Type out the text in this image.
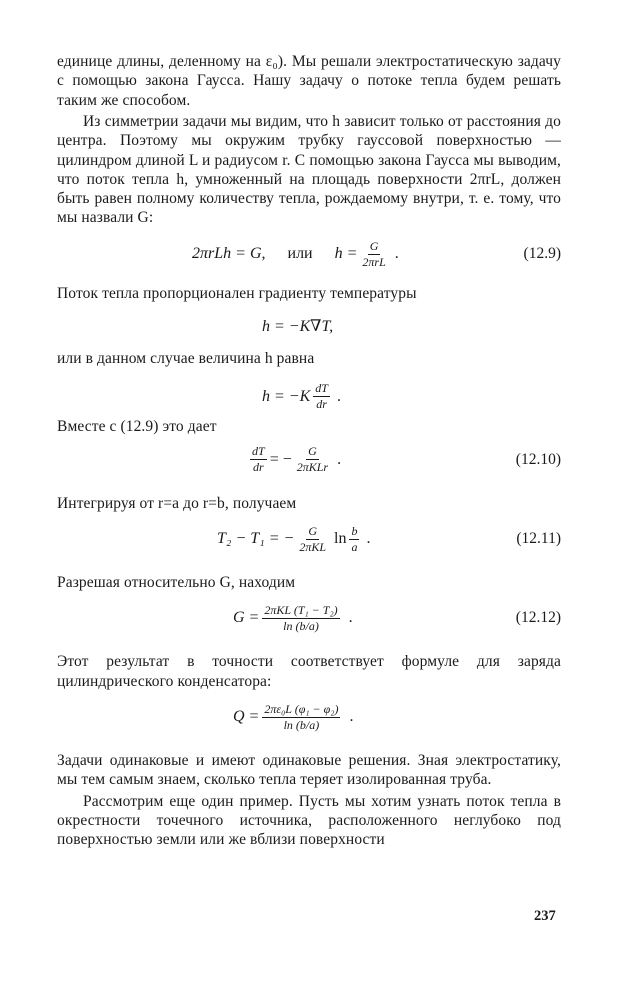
единице длины, деленному на ε₀). Мы решали электростатическую задачу с помощью закона Гаусса. Нашу задачу о потоке тепла будем решать таким же способом.

Из симметрии задачи мы видим, что h зависит только от расстояния до центра. Поэтому мы окружим трубку гауссовой поверхностью — цилиндром длиной L и радиусом r. С помощью закона Гаусса мы выводим, что поток тепла h, умноженный на площадь поверхности 2πrL, должен быть равен полному количеству тепла, рождаемому внутри, т. е. тому, что мы назвали G:

2πrLh = G, или $h = \frac{G}{\text{2πrL}}$ .	(12.9)

Поток тепла пропорционален градиенту температуры

h = −K∇T,

или в данном случае величина h равна

$h = -K \frac{dT}{dr}$ .

Вместе с (12.9) это дает

$\frac{dT}{dr}$ = − $\frac{G}{\text{2πKLr}}$ .	(12.10)

Интегрируя от r=a до r=b, получаем

T₂ − T₁ = − $\frac{G}{\text{2πKL}}$ $\ln \frac{b}{a}$ .	(12.11)

Разрешая относительно G, находим

$G = \frac{\text{2πKL (T₁ − T₂)}}{\ln (b/a)}$ .	(12.12)

Этот результат в точности соответствует формуле для заряда цилиндрического конденсатора:

$Q = \frac{\text{2πε₀L (φ₁ − φ₂)}}{\ln (b/a)}$ .

Задачи одинаковые и имеют одинаковые решения. Зная электростатику, мы тем самым знаем, сколько тепла теряет изолированная труба.

Рассмотрим еще один пример. Пусть мы хотим узнать поток тепла в окрестности точечного источника, расположенного неглубоко под поверхностью земли или же вблизи поверхности

237
